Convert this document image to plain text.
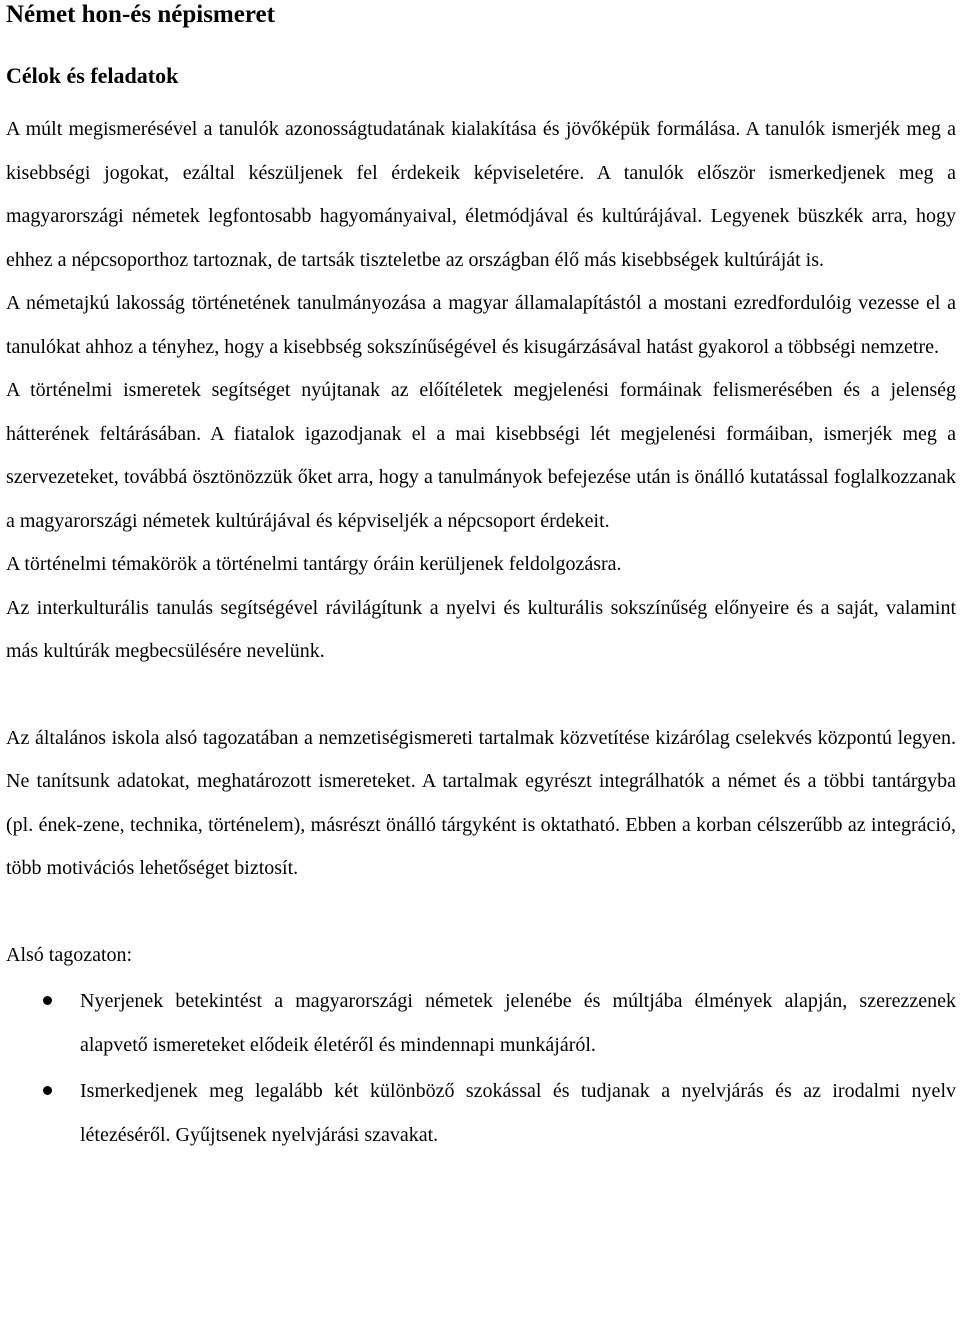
Német hon-és népismeret
Célok és feladatok

A múlt megismerésével a tanulók azonosságtudatának kialakítása és jövőképük formálása. A tanulók ismerjék meg a kisebbségi jogokat, ezáltal készüljenek fel érdekeik képviseletére. A tanulók először ismerkedjenek meg a magyarországi németek legfontosabb hagyományaival, életmódjával és kultúrájával. Legyenek büszkék arra, hogy ehhez a népcsoporthoz tartoznak, de tartsák tiszteletbe az országban élő más kisebbségek kultúráját is.

A németajkú lakosság történetének tanulmányozása a magyar államalapítástól a mostani ezredfordulóig vezesse el a tanulókat ahhoz a tényhez, hogy a kisebbség sokszínűségével és kisugárzásával hatást gyakorol a többségi nemzetre.

A történelmi ismeretek segítséget nyújtanak az előítéletek megjelenési formáinak felismerésében és a jelenség hátterének feltárásában. A fiatalok igazodjanak el a mai kisebbségi lét megjelenési formáiban, ismerjék meg a szervezeteket, továbbá ösztönözzük őket arra, hogy a tanulmányok befejezése után is önálló kutatással foglalkozzanak a magyarországi németek kultúrájával és képviseljék a népcsoport érdekeit.

A történelmi témakörök a történelmi tantárgy óráin kerüljenek feldolgozásra.

Az interkulturális tanulás segítségével rávilágítunk a nyelvi és kulturális sokszínűség előnyeire és a saját, valamint más kultúrák megbecsülésére nevelünk.

Az általános iskola alsó tagozatában a nemzetiségismereti tartalmak közvetítése kizárólag cselekvés központú legyen. Ne tanítsunk adatokat, meghatározott ismereteket. A tartalmak egyrészt integrálhatók a német és a többi tantárgyba (pl. ének-zene, technika, történelem), másrészt önálló tárgyként is oktatható. Ebben a korban célszerűbb az integráció, több motivációs lehetőséget biztosít.

Alsó tagozaton:
Nyerjenek betekintést a magyarországi németek jelenébe és múltjába élmények alapján, szerezzenek alapvető ismereteket elődeik életéről és mindennapi munkájáról.
Ismerkedjenek meg legalább két különböző szokással és tudjanak a nyelvjárás és az irodalmi nyelv létezéséről. Gyűjtsenek nyelvjárási szavakat.
